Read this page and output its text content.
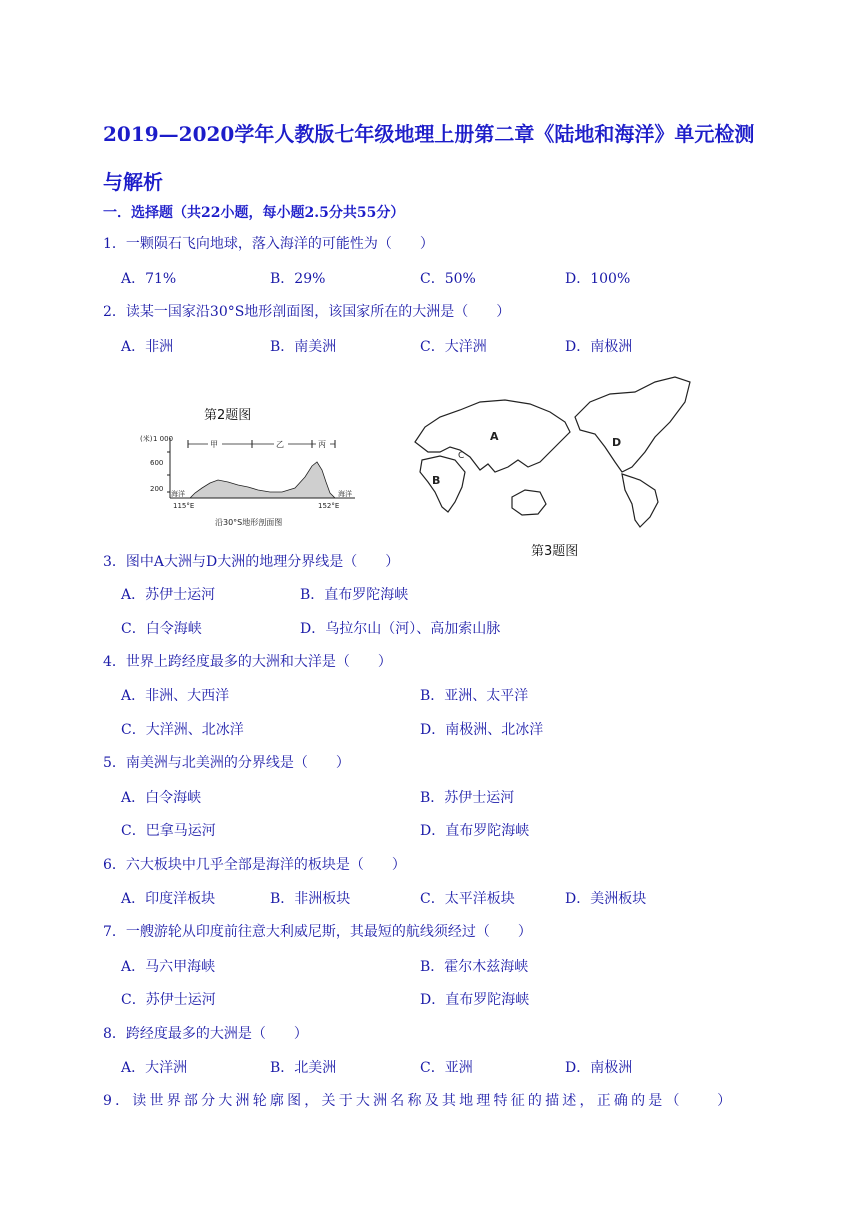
2019—2020学年人教版七年级地理上册第二章《陆地和海洋》单元检测与解析
一．选择题（共22小题，每小题2.5分共55分）
1．一颗陨石飞向地球，落入海洋的可能性为（　　）
A．71%	B．29%	C．50%	D．100%
2．读某一国家沿30°S地形剖面图，该国家所在的大洲是（　　）
A．非洲	B．南美洲	C．大洋洲	D．南极洲
第2题图
(米) 1 000
600
200
甲	乙	丙
海洋	海洋
115°E	152°E
沿30°S地形剖面图
A
B
C
D
第3题图
3．图中A大洲与D大洲的地理分界线是（　　）
A．苏伊士运河	B．直布罗陀海峡
C．白令海峡	D．乌拉尔山（河）、高加索山脉
4．世界上跨经度最多的大洲和大洋是（　　）
A．非洲、大西洋	B．亚洲、太平洋
C．大洋洲、北冰洋	D．南极洲、北冰洋
5．南美洲与北美洲的分界线是（　　）
A．白令海峡	B．苏伊士运河
C．巴拿马运河	D．直布罗陀海峡
6．六大板块中几乎全部是海洋的板块是（　　）
A．印度洋板块	B．非洲板块	C．太平洋板块	D．美洲板块
7．一艘游轮从印度前往意大利威尼斯，其最短的航线须经过（　　）
A．马六甲海峡	B．霍尔木兹海峡
C．苏伊士运河	D．直布罗陀海峡
8．跨经度最多的大洲是（　　）
A．大洋洲	B．北美洲	C．亚洲	D．南极洲
9．读世界部分大洲轮廓图，关于大洲名称及其地理特征的描述，正确的是（　　）
